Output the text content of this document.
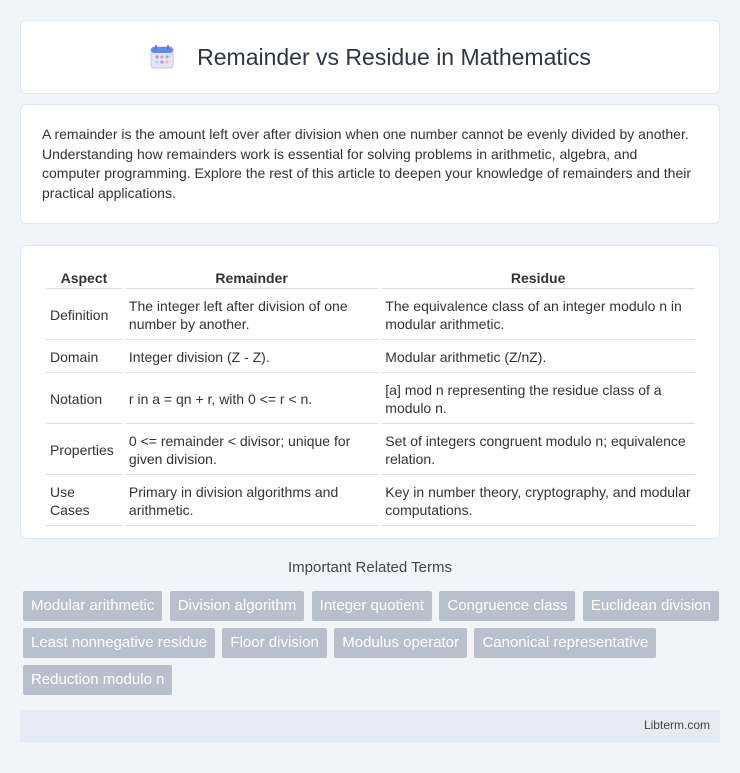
Remainder vs Residue in Mathematics

A remainder is the amount left over after division when one number cannot be evenly divided by another. Understanding how remainders work is essential for solving problems in arithmetic, algebra, and computer programming. Explore the rest of this article to deepen your knowledge of remainders and their practical applications.

Aspect	Remainder	Residue
Definition	The integer left after division of one number by another.	The equivalence class of an integer modulo n in modular arithmetic.
Domain	Integer division (Z - Z).	Modular arithmetic (Z/nZ).
Notation	r in a = qn + r, with 0 <= r < n.	[a] mod n representing the residue class of a modulo n.
Properties	0 <= remainder < divisor; unique for given division.	Set of integers congruent modulo n; equivalence relation.
Use Cases	Primary in division algorithms and arithmetic.	Key in number theory, cryptography, and modular computations.
Important Related Terms
Modular arithmetic Division algorithm Integer quotient Congruence class Euclidean division Least nonnegative residue Floor division Modulus operator Canonical representative Reduction modulo n
Libterm.com
